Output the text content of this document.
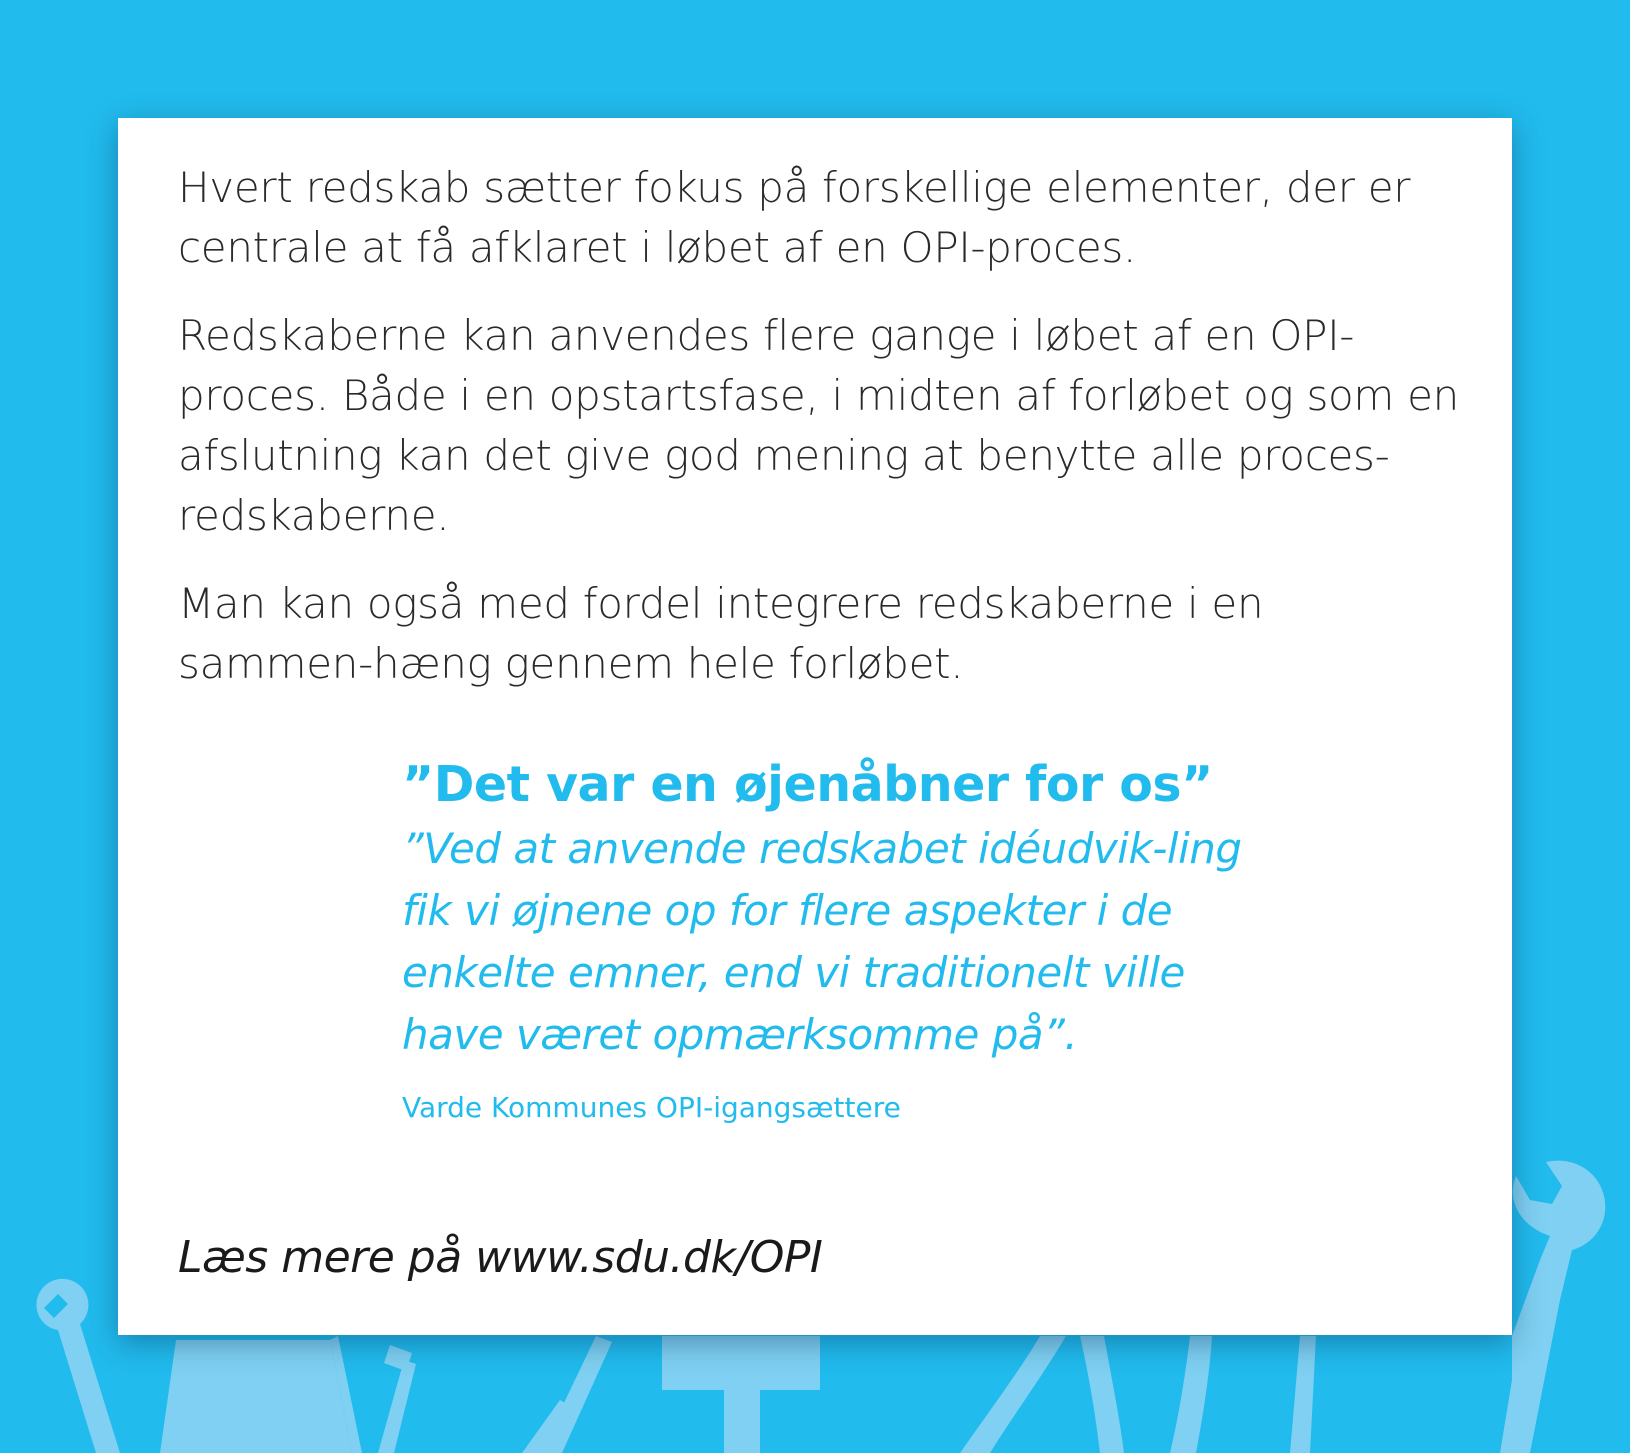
Hvert redskab sætter fokus på forskellige elementer, der er centrale at få afklaret i løbet af en OPI-proces.

Redskaberne kan anvendes flere gange i løbet af en OPI-proces. Både i en opstartsfase, i midten af forløbet og som en afslutning kan det give god mening at benytte alle proces-redskaberne.

Man kan også med fordel integrere redskaberne i en sammen-hæng gennem hele forløbet.

”Det var en øjenåbner for os”

”Ved at anvende redskabet idéudvik-ling fik vi øjnene op for flere aspekter i de enkelte emner, end vi traditionelt ville have været opmærksomme på”.

Varde Kommunes OPI-igangsættere

Læs mere på www.sdu.dk/OPI
